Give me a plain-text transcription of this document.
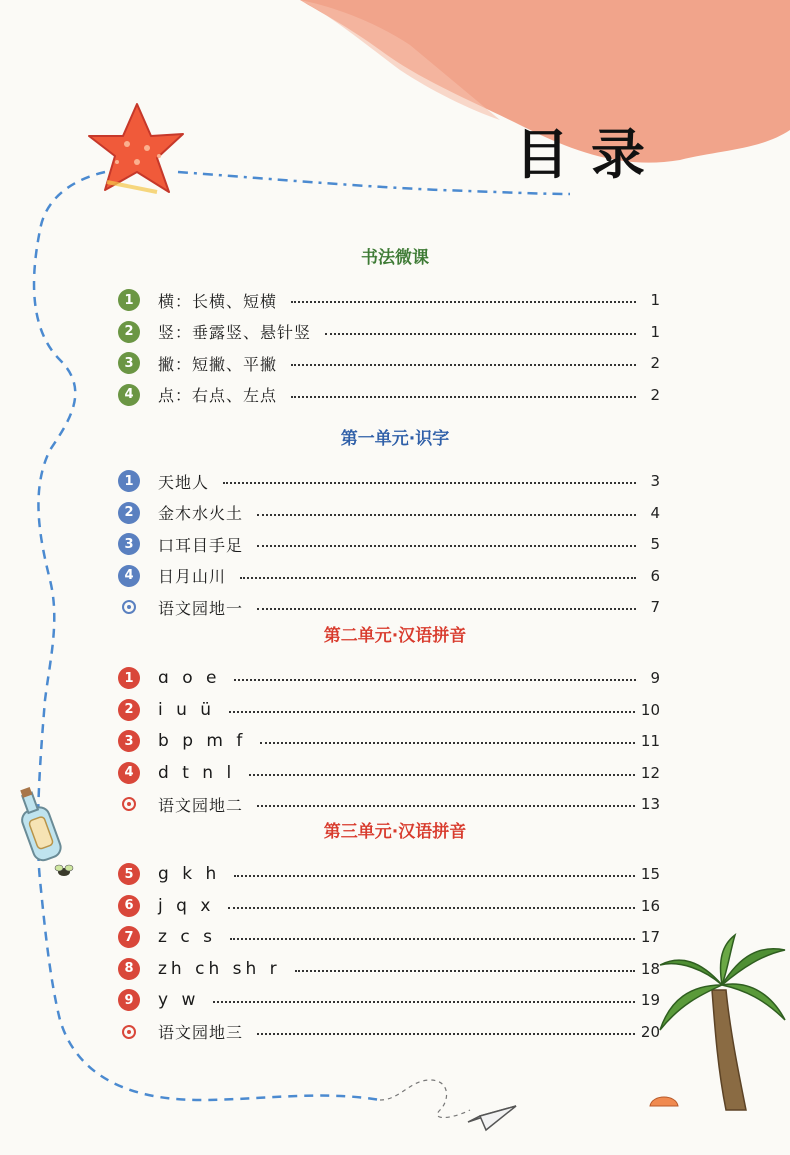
目录
书法微课
1	横：长横、短横	1
2	竖：垂露竖、悬针竖	1
3	撇：短撇、平撇	2
4	点：右点、左点	2
第一单元·识字
1	天地人	3
2	金木水火土	4
3	口耳目手足	5
4	日月山川	6
语文园地一	7
第二单元·汉语拼音
1	ɑ o e	9
2	i u ü	10
3	b p m f	11
4	d t n l	12
语文园地二	13
第三单元·汉语拼音
5	g k h	15
6	j q x	16
7	z c s	17
8	zh ch sh r	18
9	y w	19
语文园地三	20
